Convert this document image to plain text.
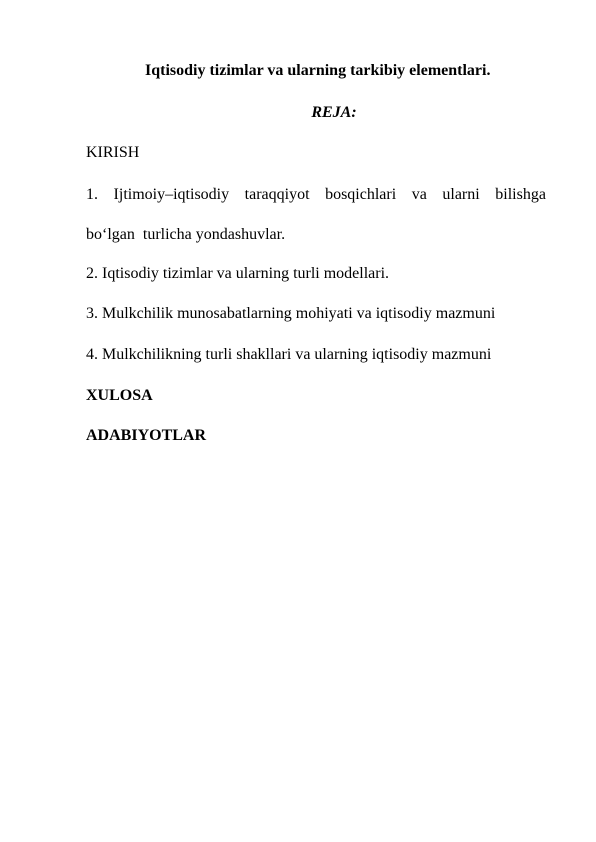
Iqtisodiy tizimlar va ularning tarkibiy elementlari.
REJA:
KIRISH
1. Ijtimoiy–iqtisodiy taraqqiyot bosqichlari va ularni bilishga
bo‘lgan  turlicha yondashuvlar.
2. Iqtisodiy tizimlar va ularning turli modellari.
3. Mulkchilik munosabatlarning mohiyati va iqtisodiy mazmuni
4. Mulkchilikning turli shakllari va ularning iqtisodiy mazmuni
XULOSA
ADABIYOTLAR
